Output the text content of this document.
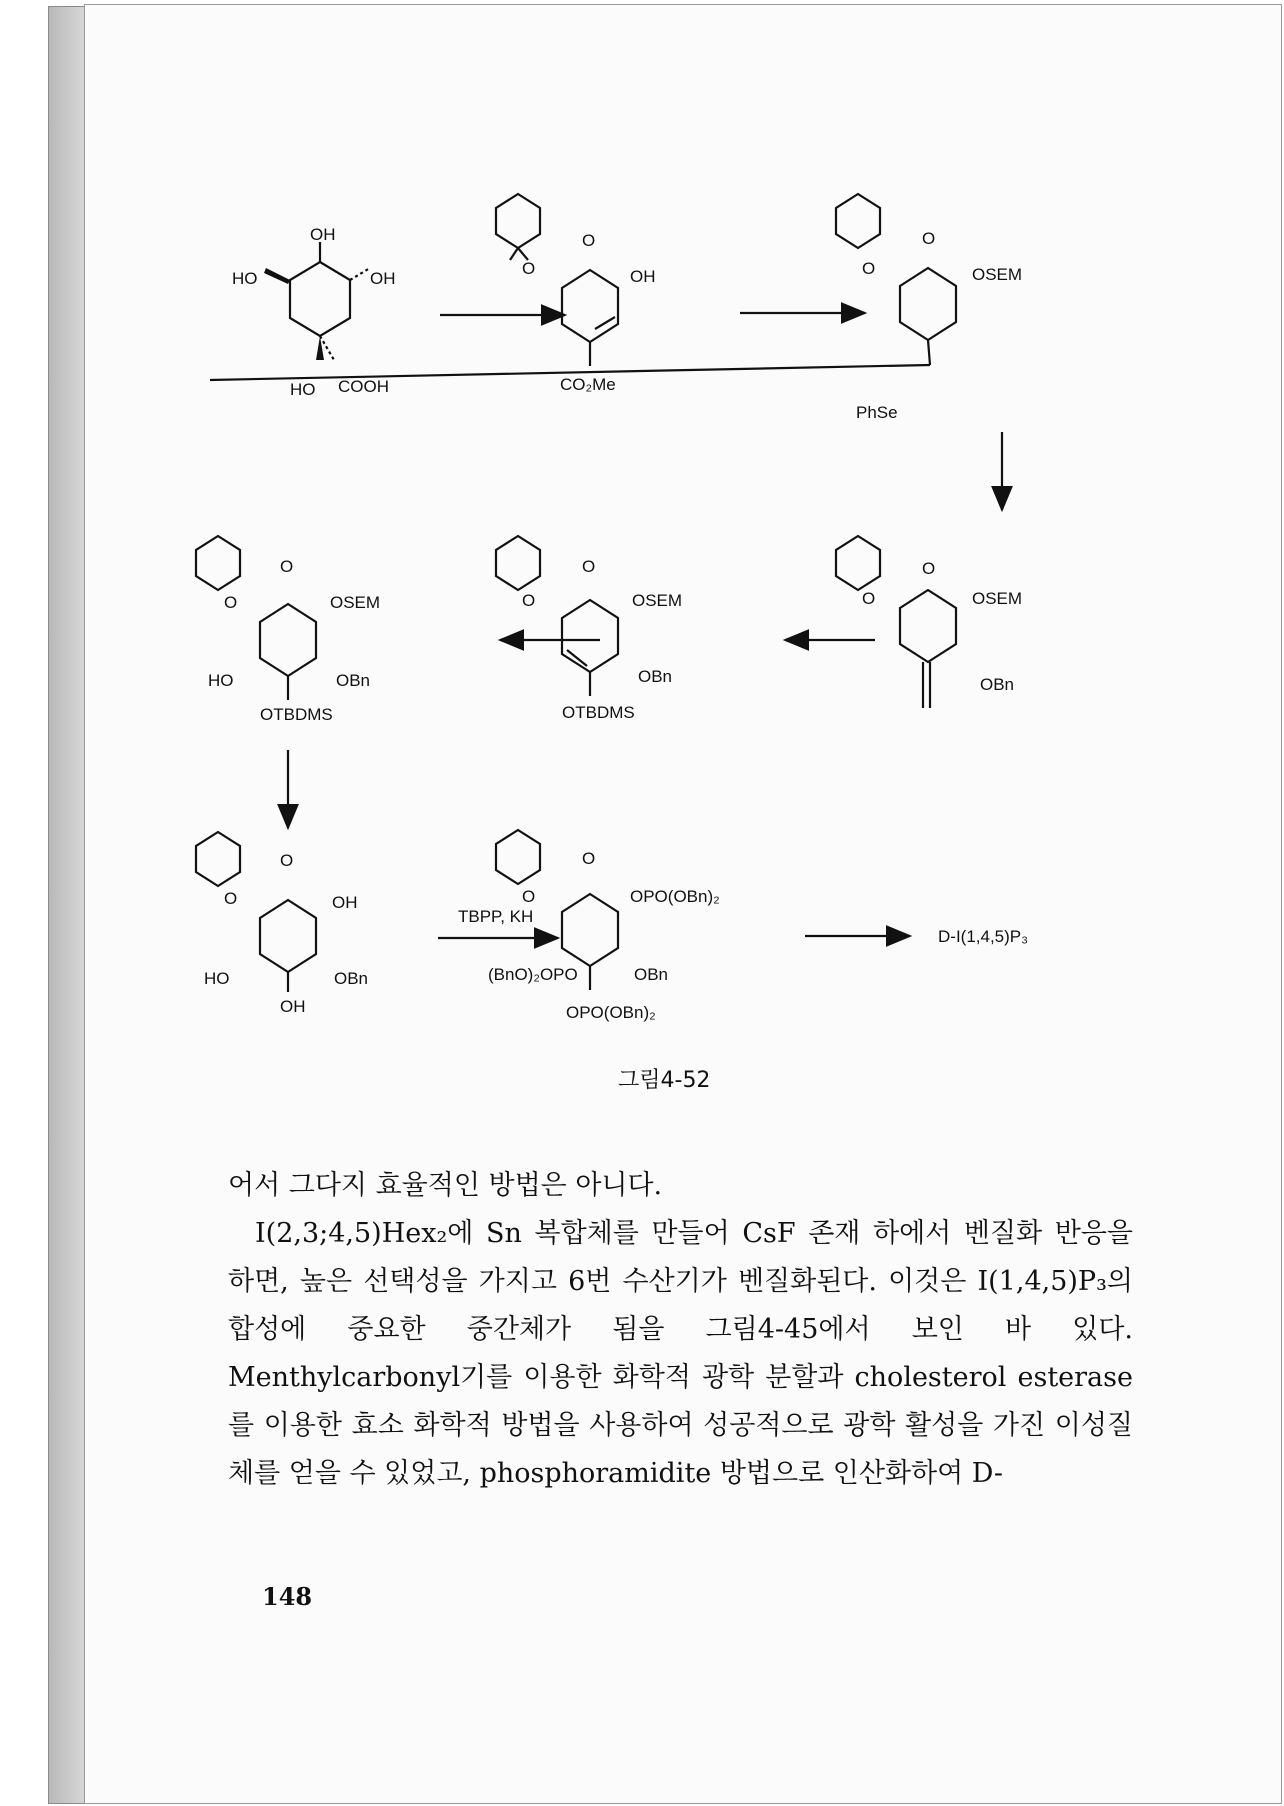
OH
HO	OH
HO COOH
O
O
OH
CO₂Me
O
O
OSEM
PhSe
O
O
OSEM
OBn
O
O
OSEM
OBn
OTBDMS
O
O
OSEM
HO	OBn
OTBDMS
O
O
OH
HO	OBn
OH
TBPP, KH
O
O
OPO(OBn)₂
(BnO)₂OPO	OBn
OPO(OBn)₂
D-I(1,4,5)P₃
그림4-52

어서 그다지 효율적인 방법은 아니다.

I(2,3;4,5)Hex₂에 Sn 복합체를 만들어 CsF 존재 하에서 벤질화 반응을 하면, 높은 선택성을 가지고 6번 수산기가 벤질화된다. 이것은 I(1,4,5)P₃의 합성에 중요한 중간체가 됨을 그림4-45에서 보인 바 있다. Menthylcarbonyl기를 이용한 화학적 광학 분할과 cholesterol esterase를 이용한 효소 화학적 방법을 사용하여 성공적으로 광학 활성을 가진 이성질체를 얻을 수 있었고, phosphoramidite 방법으로 인산화하여 D-

148
